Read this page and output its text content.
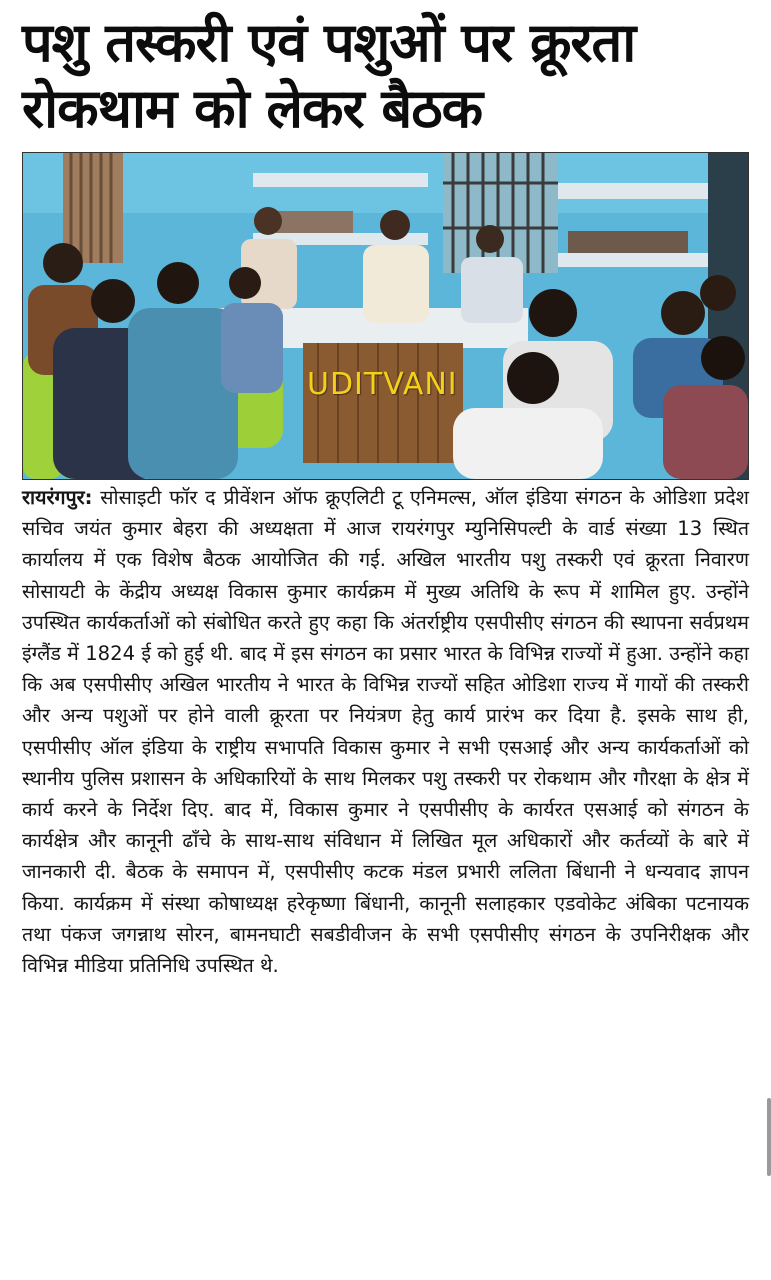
पशु तस्करी एवं पशुओं पर क्रूरता
रोकथाम को लेकर बैठक
UDITVANI

रायरंगपुर: सोसाइटी फॉर द प्रीवेंशन ऑफ क्रूएलिटी टू एनिमल्स, ऑल इंडिया संगठन के ओडिशा प्रदेश सचिव जयंत कुमार बेहरा की अध्यक्षता में आज रायरंगपुर म्युनिसिपल्टी के वार्ड संख्या 13 स्थित कार्यालय में एक विशेष बैठक आयोजित की गई. अखिल भारतीय पशु तस्करी एवं क्रूरता निवारण सोसायटी के केंद्रीय अध्यक्ष विकास कुमार कार्यक्रम में मुख्य अतिथि के रूप में शामिल हुए. उन्होंने उपस्थित कार्यकर्ताओं को संबोधित करते हुए कहा कि अंतर्राष्ट्रीय एसपीसीए संगठन की स्थापना सर्वप्रथम इंग्लैंड में 1824 ई को हुई थी. बाद में इस संगठन का प्रसार भारत के विभिन्न राज्यों में हुआ. उन्होंने कहा कि अब एसपीसीए अखिल भारतीय ने भारत के विभिन्न राज्यों सहित ओडिशा राज्य में गायों की तस्करी और अन्य पशुओं पर होने वाली क्रूरता पर नियंत्रण हेतु कार्य प्रारंभ कर दिया है. इसके साथ ही, एसपीसीए ऑल इंडिया के राष्ट्रीय सभापति विकास कुमार ने सभी एसआई और अन्य कार्यकर्ताओं को स्थानीय पुलिस प्रशासन के अधिकारियों के साथ मिलकर पशु तस्करी पर रोकथाम और गौरक्षा के क्षेत्र में कार्य करने के निर्देश दिए. बाद में, विकास कुमार ने एसपीसीए के कार्यरत एसआई को संगठन के कार्यक्षेत्र और कानूनी ढाँचे के साथ-साथ संविधान में लिखित मूल अधिकारों और कर्तव्यों के बारे में जानकारी दी. बैठक के समापन में, एसपीसीए कटक मंडल प्रभारी ललिता बिंधानी ने धन्यवाद ज्ञापन किया. कार्यक्रम में संस्था कोषाध्यक्ष हरेकृष्णा बिंधानी, कानूनी सलाहकार एडवोकेट अंबिका पटनायक तथा पंकज जगन्नाथ सोरन, बामनघाटी सबडीवीजन के सभी एसपीसीए संगठन के उपनिरीक्षक और विभिन्न मीडिया प्रतिनिधि उपस्थित थे.
